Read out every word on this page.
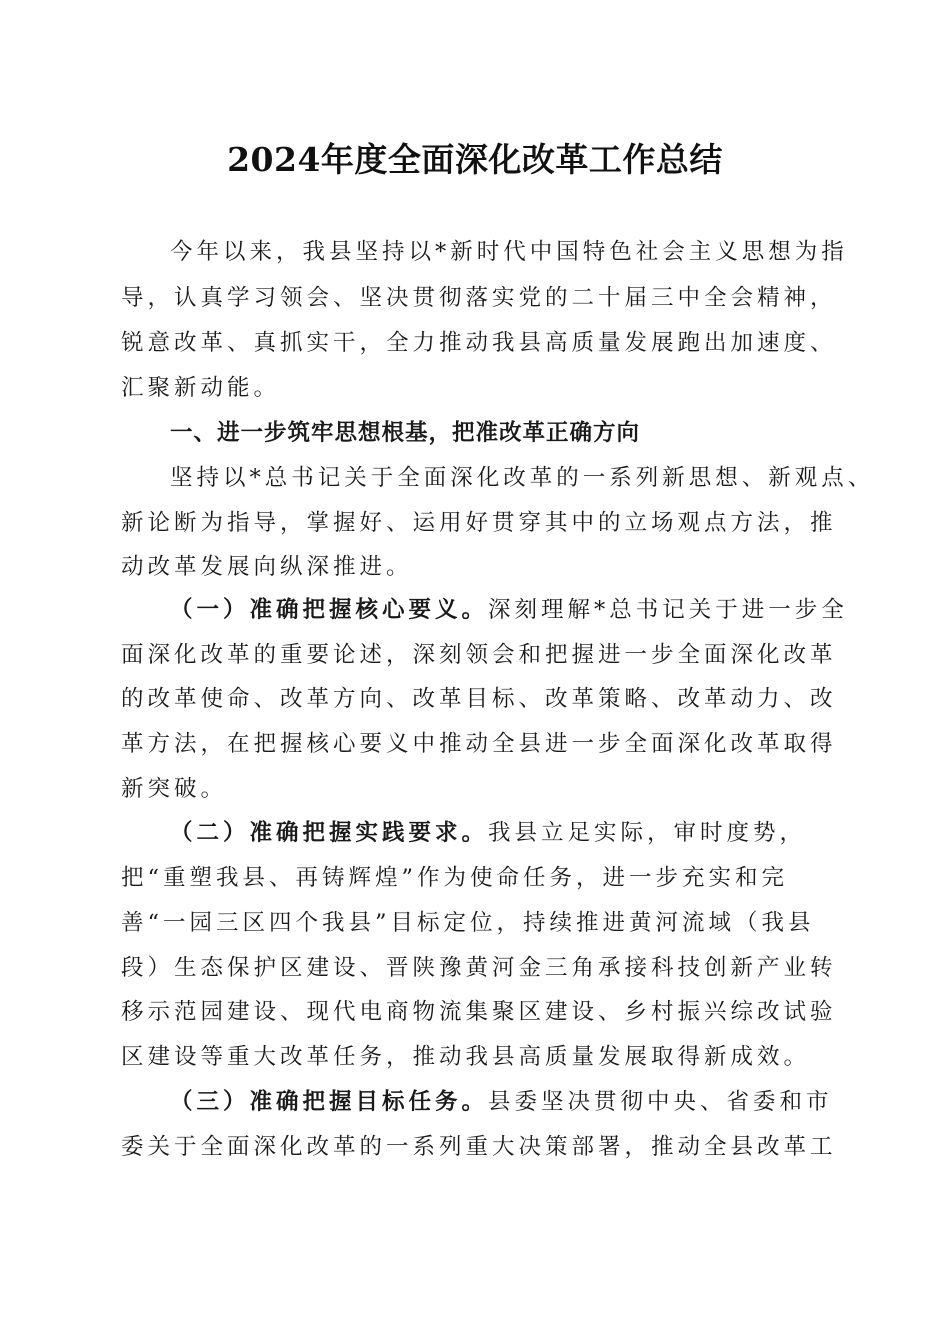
2024年度全面深化改革工作总结
今年以来，我县坚持以*新时代中国特色社会主义思想为指
导，认真学习领会、坚决贯彻落实党的二十届三中全会精神，
锐意改革、真抓实干，全力推动我县高质量发展跑出加速度、
汇聚新动能。
一、进一步筑牢思想根基，把准改革正确方向
坚持以*总书记关于全面深化改革的一系列新思想、新观点、
新论断为指导，掌握好、运用好贯穿其中的立场观点方法，推
动改革发展向纵深推进。
（一）准确把握核心要义。深刻理解*总书记关于进一步全
面深化改革的重要论述，深刻领会和把握进一步全面深化改革
的改革使命、改革方向、改革目标、改革策略、改革动力、改
革方法，在把握核心要义中推动全县进一步全面深化改革取得
新突破。
（二）准确把握实践要求。我县立足实际，审时度势，
把“重塑我县、再铸辉煌”作为使命任务，进一步充实和完
善“一园三区四个我县”目标定位，持续推进黄河流域（我县
段）生态保护区建设、晋陕豫黄河金三角承接科技创新产业转
移示范园建设、现代电商物流集聚区建设、乡村振兴综改试验
区建设等重大改革任务，推动我县高质量发展取得新成效。
（三）准确把握目标任务。县委坚决贯彻中央、省委和市
委关于全面深化改革的一系列重大决策部署，推动全县改革工
